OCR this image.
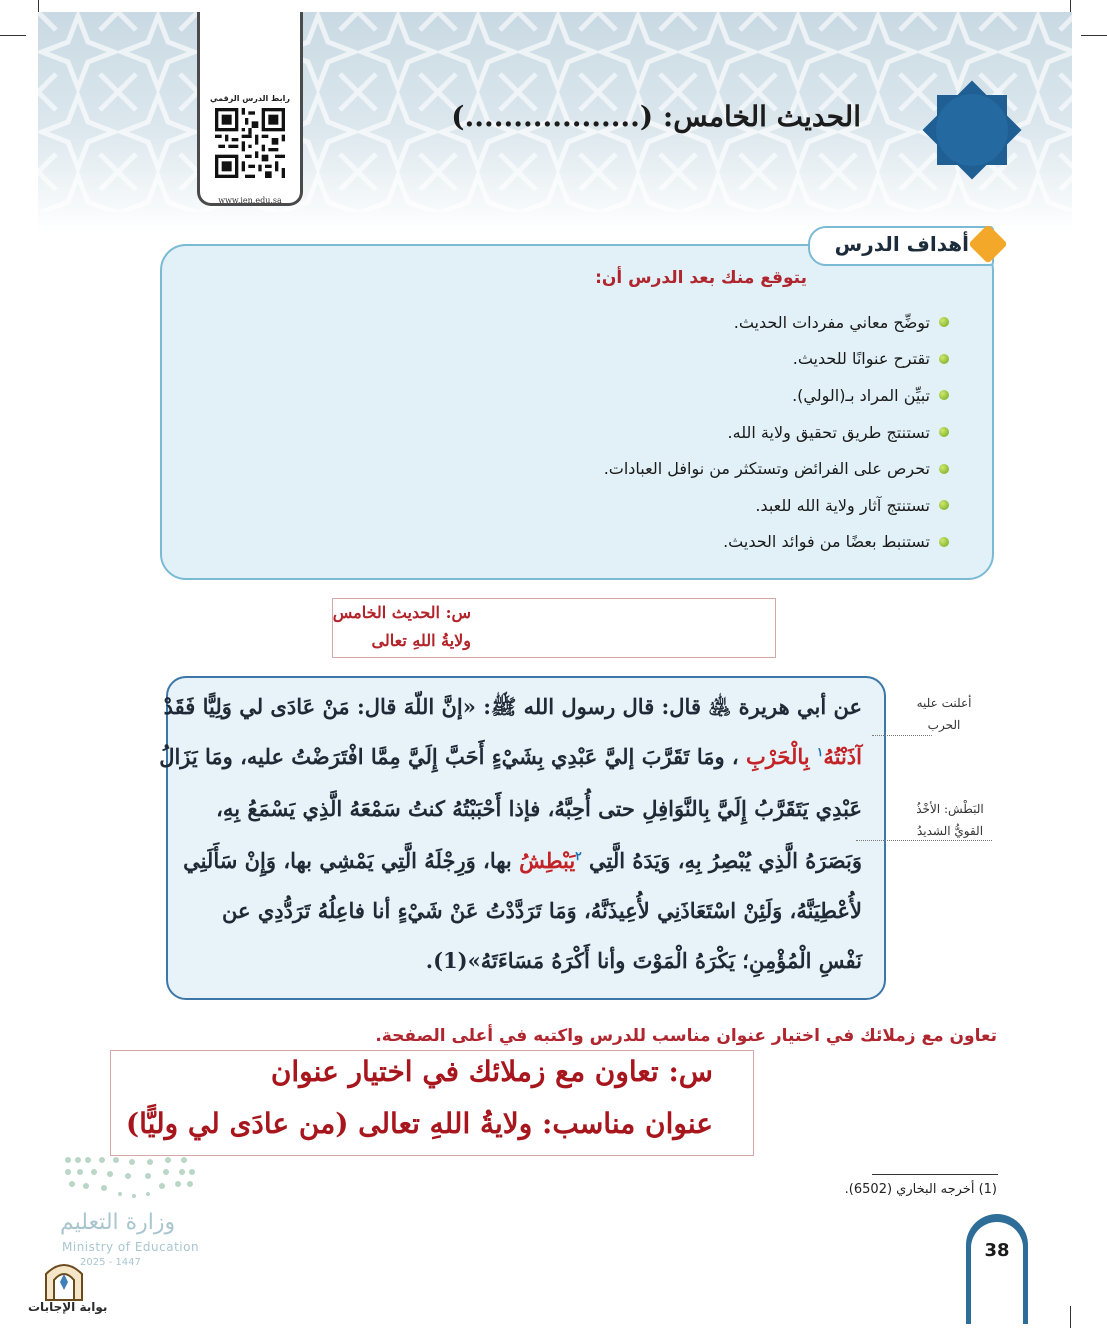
الحديث الخامس: (..................)
رابط الدرس الرقمي
www.ien.edu.sa
أهداف الدرس
يتوقع منك بعد الدرس أن:
توضِّح معاني مفردات الحديث.
تقترح عنوانًا للحديث.
تبيِّن المراد بـ(الولي).
تستنتج طريق تحقيق ولاية الله.
تحرص على الفرائض وتستكثر من نوافل العبادات.
تستنتج آثار ولاية الله للعبد.
تستنبط بعضًا من فوائد الحديث.
س: الحديث الخامس
ولايةُ اللهِ تعالى
عن أبي هريرة ﵁ قال: قال رسول الله ﷺ: «إنَّ اللّهَ قال: مَنْ عَادَى لي وَلِيًّا فَقَدْ
آذَنْتُهُ$^١$ بِالْحَرْبِ ، ومَا تَقَرَّبَ إليَّ عَبْدِي بِشَيْءٍ أَحَبَّ إِلَيَّ مِمَّا افْتَرَضْتُ عليه، ومَا يَزَالُ
عَبْدِي يَتَقَرَّبُ إِلَيَّ بِالنَّوَافِلِ حتى أُحِبَّهُ، فإذا أَحْبَبْتُهُ كنتُ سَمْعَهُ الَّذِي يَسْمَعُ بِهِ،
وَبَصَرَهُ الَّذِي يُبْصِرُ بِهِ، وَيَدَهُ الَّتِي $^٢$يَبْطِشُ بها، وَرِجْلَهُ الَّتِي يَمْشِي بها، وَإِنْ سَأَلَنِي
لأُعْطِيَنَّهُ، وَلَئِنْ اسْتَعَاذَنِي لأُعِيذَنَّهُ، وَمَا تَرَدَّدْتُ عَنْ شَيْءٍ أنا فاعِلُهُ تَرَدُّدِي عن
نَفْسِ الْمُؤْمِنِ؛ يَكْرَهُ الْمَوْتَ وأنا أَكْرَهُ مَسَاءَتَهُ»(1).
أعلنت عليه
الحرب
البَطْش: الأخْذُ
القويُّ الشديدُ
تعاون مع زملائك في اختيار عنوان مناسب للدرس واكتبه في أعلى الصفحة.
س: تعاون مع زملائك في اختيار عنوان
عنوان مناسب: ولايةُ اللهِ تعالى (من عادَى لي وليًّا)
(1) أخرجه البخاري (6502).
38
وزارة التعليم
Ministry of Education
2025 - 1447
بوابة الإجابات
